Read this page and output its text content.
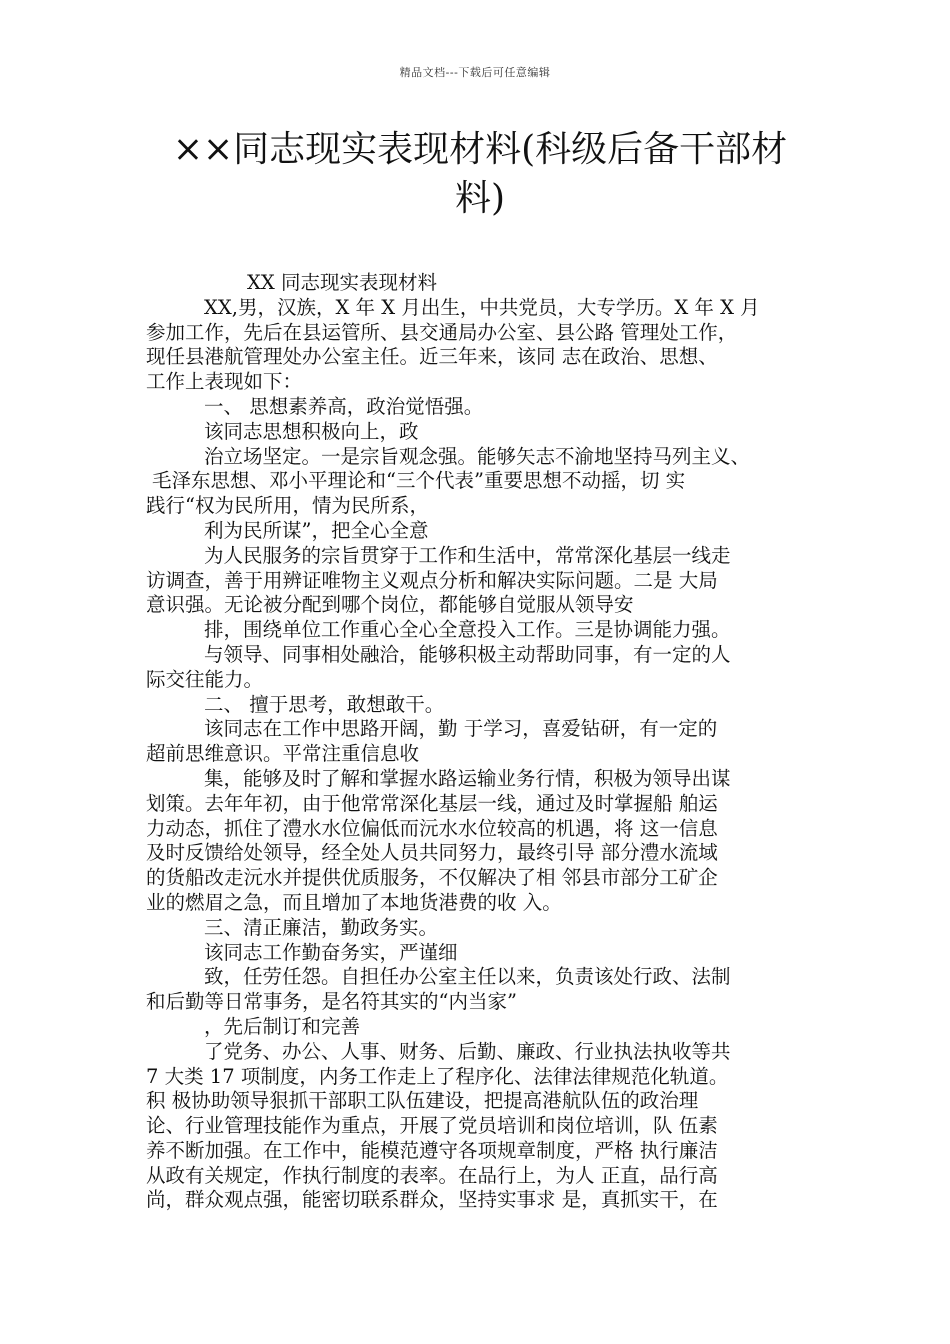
精品文档---下载后可任意编辑
××同志现实表现材料(科级后备干部材
料)

XX 同志现实表现材料

XX,男，汉族，X 年 X 月出生，中共党员，大专学历。X 年 X 月

参加工作，先后在县运管所、县交通局办公室、县公路 管理处工作，

现任县港航管理处办公室主任。近三年来，该同 志在政治、思想、

工作上表现如下：

一、 思想素养高，政治觉悟强。

该同志思想积极向上，政

治立场坚定。一是宗旨观念强。能够矢志不渝地坚持马列主义、

毛泽东思想、邓小平理论和“三个代表”重要思想不动摇，切 实

践行“权为民所用，情为民所系，

利为民所谋”，把全心全意

为人民服务的宗旨贯穿于工作和生活中，常常深化基层一线走

访调查，善于用辨证唯物主义观点分析和解决实际问题。二是 大局

意识强。无论被分配到哪个岗位，都能够自觉服从领导安

排，围绕单位工作重心全心全意投入工作。三是协调能力强。

与领导、同事相处融洽，能够积极主动帮助同事，有一定的人

际交往能力。

二、 擅于思考，敢想敢干。

该同志在工作中思路开阔，勤 于学习，喜爱钻研，有一定的

超前思维意识。平常注重信息收

集，能够及时了解和掌握水路运输业务行情，积极为领导出谋

划策。去年年初，由于他常常深化基层一线，通过及时掌握船 舶运

力动态，抓住了澧水水位偏低而沅水水位较高的机遇，将 这一信息

及时反馈给处领导，经全处人员共同努力，最终引导 部分澧水流域

的货船改走沅水并提供优质服务，不仅解决了相 邻县市部分工矿企

业的燃眉之急，而且增加了本地货港费的收 入。

三、清正廉洁，勤政务实。

该同志工作勤奋务实，严谨细

致，任劳任怨。自担任办公室主任以来，负责该处行政、法制

和后勤等日常事务，是名符其实的“内当家”

，先后制订和完善

了党务、办公、人事、财务、后勤、廉政、行业执法执收等共

7 大类 17 项制度，内务工作走上了程序化、法律法律规范化轨道。

积 极协助领导狠抓干部职工队伍建设，把提高港航队伍的政治理

论、行业管理技能作为重点，开展了党员培训和岗位培训，队 伍素

养不断加强。在工作中，能模范遵守各项规章制度，严格 执行廉洁

从政有关规定，作执行制度的表率。在品行上，为人 正直，品行高

尚，群众观点强，能密切联系群众，坚持实事求 是，真抓实干，在
